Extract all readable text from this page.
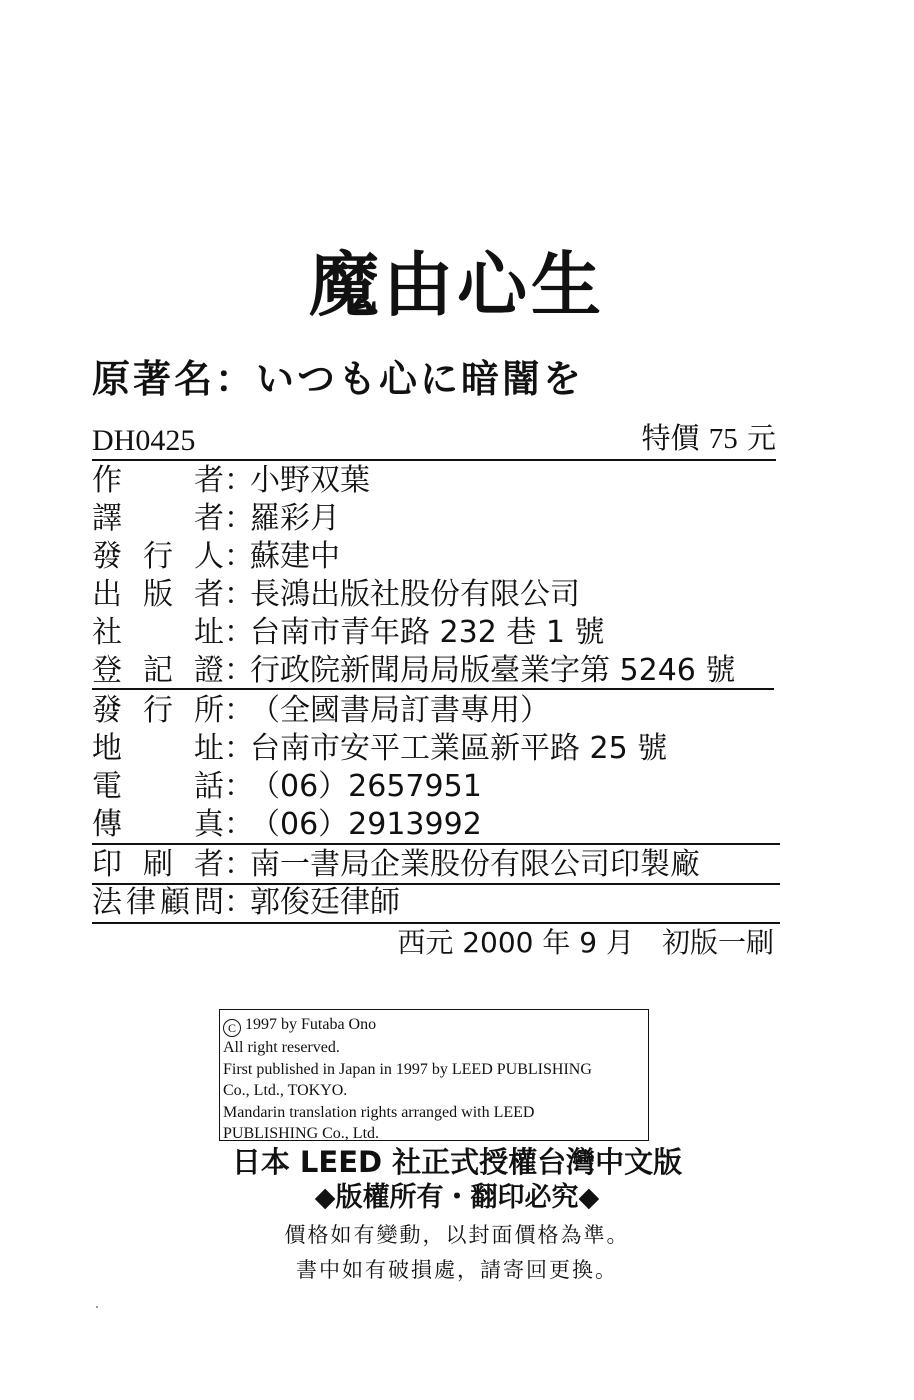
魔由心生
原著名：いつも心に暗闇を
DH0425	特價 75 元
作者：小野双葉
譯者：羅彩月
發行人：蘇建中
出版者：長鴻出版社股份有限公司
社址：台南市青年路 232 巷 1 號
登記證：行政院新聞局局版臺業字第 5246 號
發行所：（全國書局訂書專用）
地址：台南市安平工業區新平路 25 號
電話：（06）2657951
傳真：（06）2913992
印刷者：南一書局企業股份有限公司印製廠
法律顧問：郭俊廷律師
西元 2000 年 9 月　初版一刷
C 1997 by Futaba Ono
All right reserved.
First published in Japan in 1997 by LEED PUBLISHING
Co., Ltd., TOKYO.
Mandarin translation rights arranged with LEED
PUBLISHING Co., Ltd.
日本 LEED 社正式授權台灣中文版
◆版權所有・翻印必究◆
價格如有變動，以封面價格為準。
書中如有破損處，請寄回更換。
